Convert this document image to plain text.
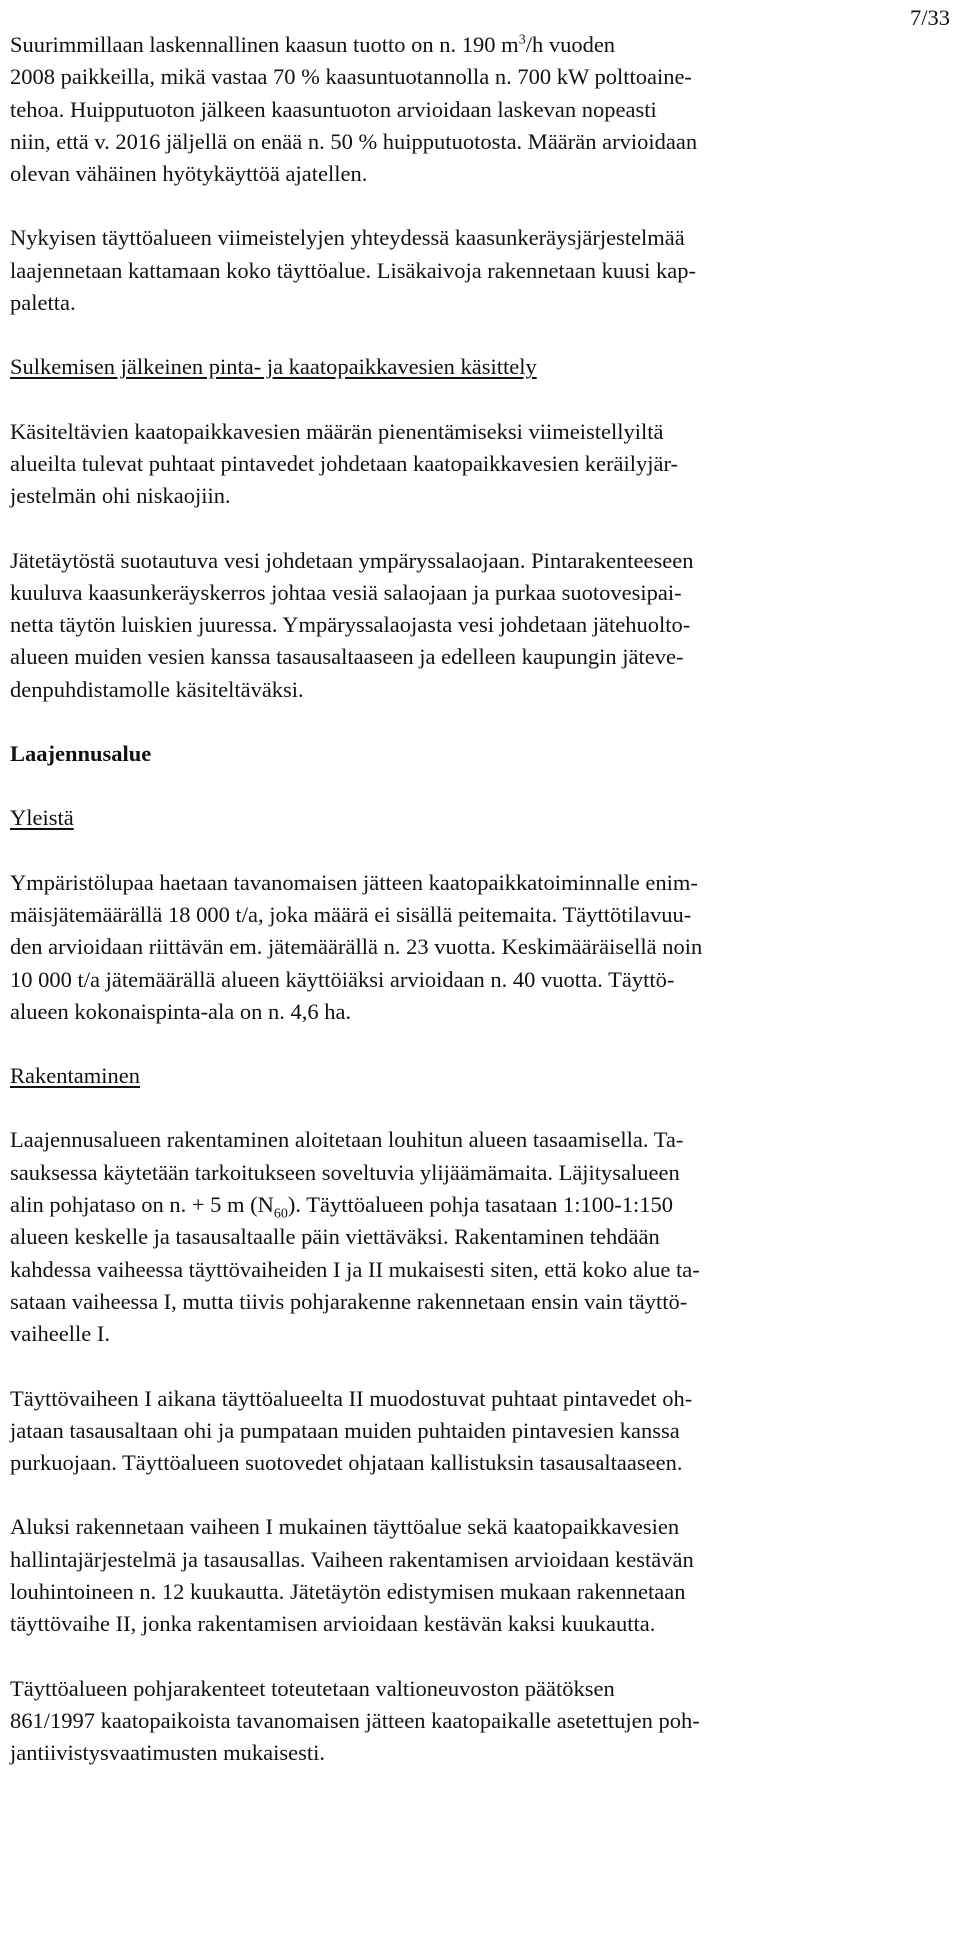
7/33

Suurimmillaan laskennallinen kaasun tuotto on n. 190 $m^3/h$ vuoden
2008 paikkeilla, mikä vastaa 70 % kaasuntuotannolla n. 700 kW polttoaine-
tehoa. Huipputuoton jälkeen kaasuntuoton arvioidaan laskevan nopeasti
niin, että v. 2016 jäljellä on enää n. 50 % huipputuotosta. Määrän arvioidaan
olevan vähäinen hyötykäyttöä ajatellen.

Nykyisen täyttöalueen viimeistelyjen yhteydessä kaasunkeräysjärjestelmää
laajennetaan kattamaan koko täyttöalue. Lisäkaivoja rakennetaan kuusi kap-
paletta.

Sulkemisen jälkeinen pinta- ja kaatopaikkavesien käsittely

Käsiteltävien kaatopaikkavesien määrän pienentämiseksi viimeistellyiltä
alueilta tulevat puhtaat pintavedet johdetaan kaatopaikkavesien keräilyjär-
jestelmän ohi niskaojiin.

Jätetäytöstä suotautuva vesi johdetaan ympäryssalaojaan. Pintarakenteeseen
kuuluva kaasunkeräyskerros johtaa vesiä salaojaan ja purkaa suotovesipai-
netta täytön luiskien juuressa. Ympäryssalaojasta vesi johdetaan jätehuolto-
alueen muiden vesien kanssa tasausaltaaseen ja edelleen kaupungin jäteve-
denpuhdistamolle käsiteltäväksi.

Laajennusalue
Yleistä

Ympäristölupaa haetaan tavanomaisen jätteen kaatopaikkatoiminnalle enim-
mäisjätemäärällä 18 000 t/a, joka määrä ei sisällä peitemaita. Täyttötilavuu-
den arvioidaan riittävän em. jätemäärällä n. 23 vuotta. Keskimääräisellä noin
10 000 t/a jätemäärällä alueen käyttöiäksi arvioidaan n. 40 vuotta. Täyttö-
alueen kokonaispinta-ala on n. 4,6 ha.

Rakentaminen

Laajennusalueen rakentaminen aloitetaan louhitun alueen tasaamisella. Ta-
sauksessa käytetään tarkoitukseen soveltuvia ylijäämämaita. Läjitysalueen
alin pohjataso on n. + 5 m $(N_{60})$. Täyttöalueen pohja tasataan 1:100-1:150
alueen keskelle ja tasausaltaalle päin viettäväksi. Rakentaminen tehdään
kahdessa vaiheessa täyttövaiheiden I ja II mukaisesti siten, että koko alue ta-
sataan vaiheessa I, mutta tiivis pohjarakenne rakennetaan ensin vain täyttö-
vaiheelle I.

Täyttövaiheen I aikana täyttöalueelta II muodostuvat puhtaat pintavedet oh-
jataan tasausaltaan ohi ja pumpataan muiden puhtaiden pintavesien kanssa
purkuojaan. Täyttöalueen suotovedet ohjataan kallistuksin tasausaltaaseen.

Aluksi rakennetaan vaiheen I mukainen täyttöalue sekä kaatopaikkavesien
hallintajärjestelmä ja tasausallas. Vaiheen rakentamisen arvioidaan kestävän
louhintoineen n. 12 kuukautta. Jätetäytön edistymisen mukaan rakennetaan
täyttövaihe II, jonka rakentamisen arvioidaan kestävän kaksi kuukautta.

Täyttöalueen pohjarakenteet toteutetaan valtioneuvoston päätöksen
861/1997 kaatopaikoista tavanomaisen jätteen kaatopaikalle asetettujen poh-
jantiivistysvaatimusten mukaisesti.
